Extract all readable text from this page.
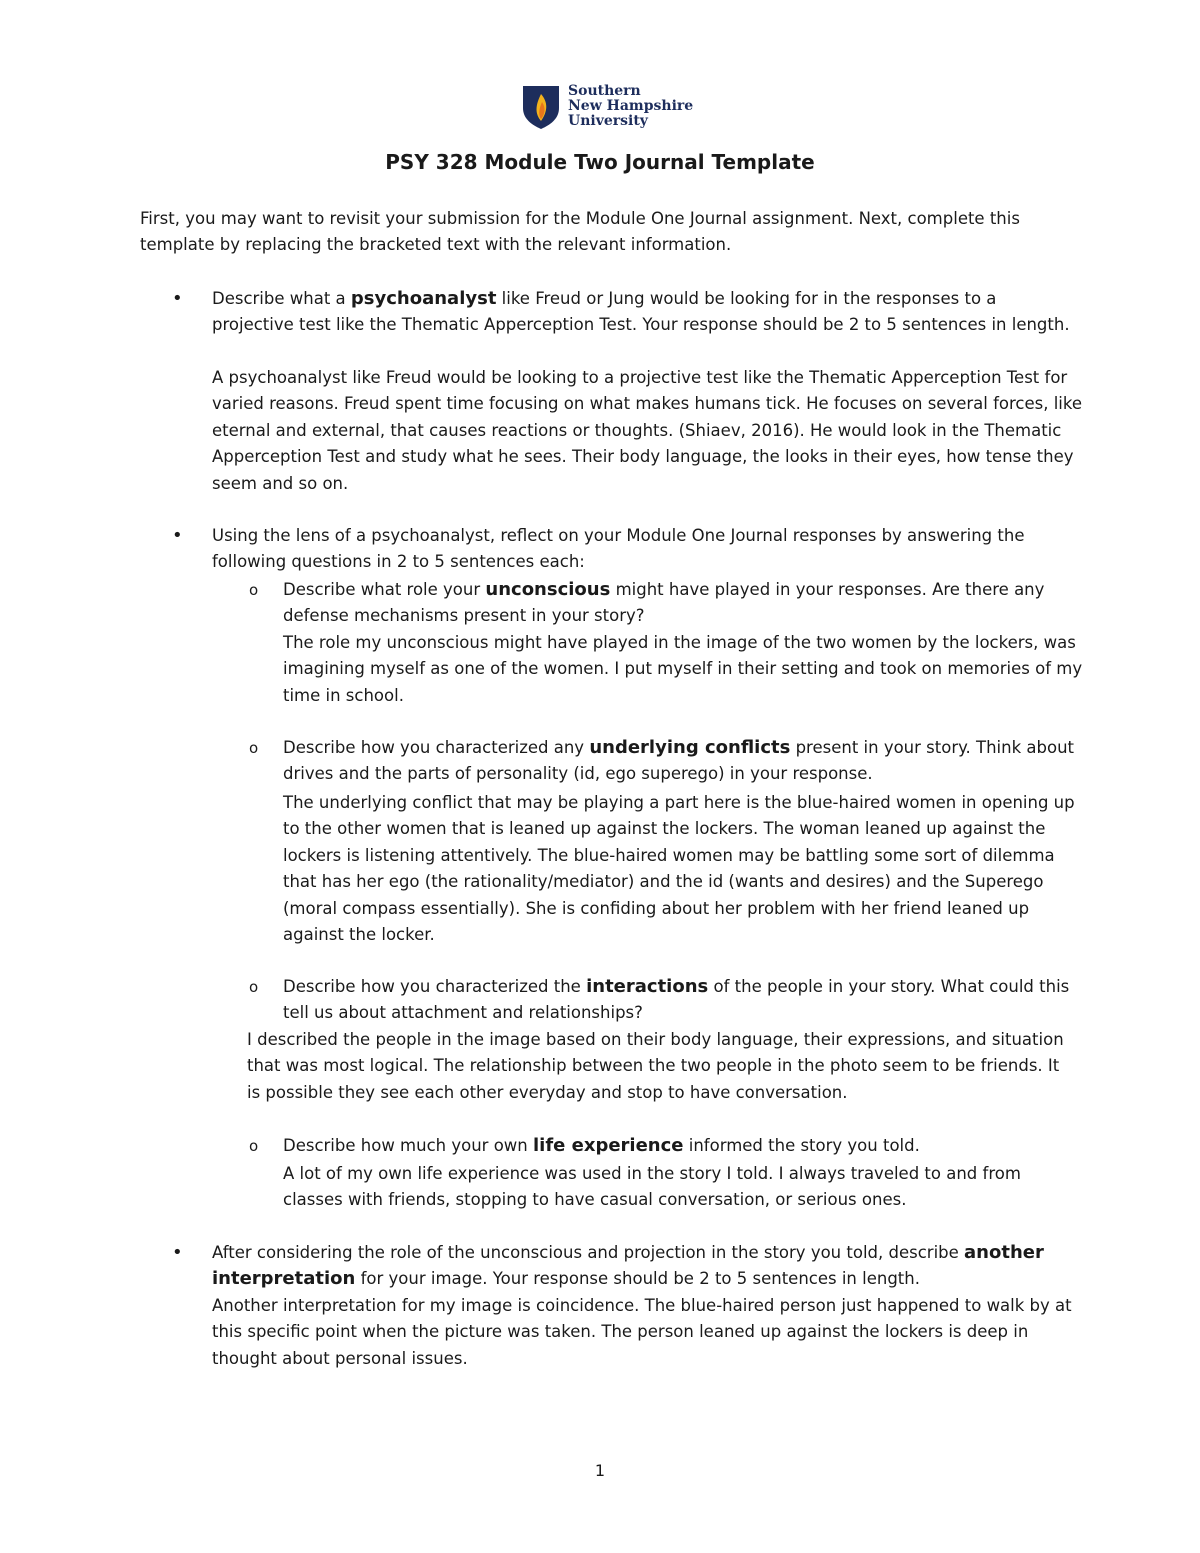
Southern
New Hampshire
University
PSY 328 Module Two Journal Template
First, you may want to revisit your submission for the Module One Journal assignment. Next, complete this template by replacing the bracketed text with the relevant information.
• Describe what a psychoanalyst like Freud or Jung would be looking for in the responses to a projective test like the Thematic Apperception Test. Your response should be 2 to 5 sentences in length.
A psychoanalyst like Freud would be looking to a projective test like the Thematic Apperception Test for varied reasons. Freud spent time focusing on what makes humans tick. He focuses on several forces, like eternal and external, that causes reactions or thoughts. (Shiaev, 2016). He would look in the Thematic Apperception Test and study what he sees. Their body language, the looks in their eyes, how tense they seem and so on.
• Using the lens of a psychoanalyst, reflect on your Module One Journal responses by answering the following questions in 2 to 5 sentences each:
o Describe what role your unconscious might have played in your responses. Are there any defense mechanisms present in your story?
The role my unconscious might have played in the image of the two women by the lockers, was imagining myself as one of the women. I put myself in their setting and took on memories of my time in school.
o Describe how you characterized any underlying conflicts present in your story. Think about drives and the parts of personality (id, ego superego) in your response.
The underlying conflict that may be playing a part here is the blue-haired women in opening up to the other women that is leaned up against the lockers. The woman leaned up against the lockers is listening attentively. The blue-haired women may be battling some sort of dilemma that has her ego (the rationality/mediator) and the id (wants and desires) and the Superego (moral compass essentially). She is confiding about her problem with her friend leaned up against the locker.
o Describe how you characterized the interactions of the people in your story. What could this tell us about attachment and relationships?
I described the people in the image based on their body language, their expressions, and situation that was most logical. The relationship between the two people in the photo seem to be friends. It is possible they see each other everyday and stop to have conversation.
o Describe how much your own life experience informed the story you told.
A lot of my own life experience was used in the story I told. I always traveled to and from classes with friends, stopping to have casual conversation, or serious ones.
• After considering the role of the unconscious and projection in the story you told, describe another interpretation for your image. Your response should be 2 to 5 sentences in length.
Another interpretation for my image is coincidence. The blue-haired person just happened to walk by at this specific point when the picture was taken. The person leaned up against the lockers is deep in thought about personal issues.
1
